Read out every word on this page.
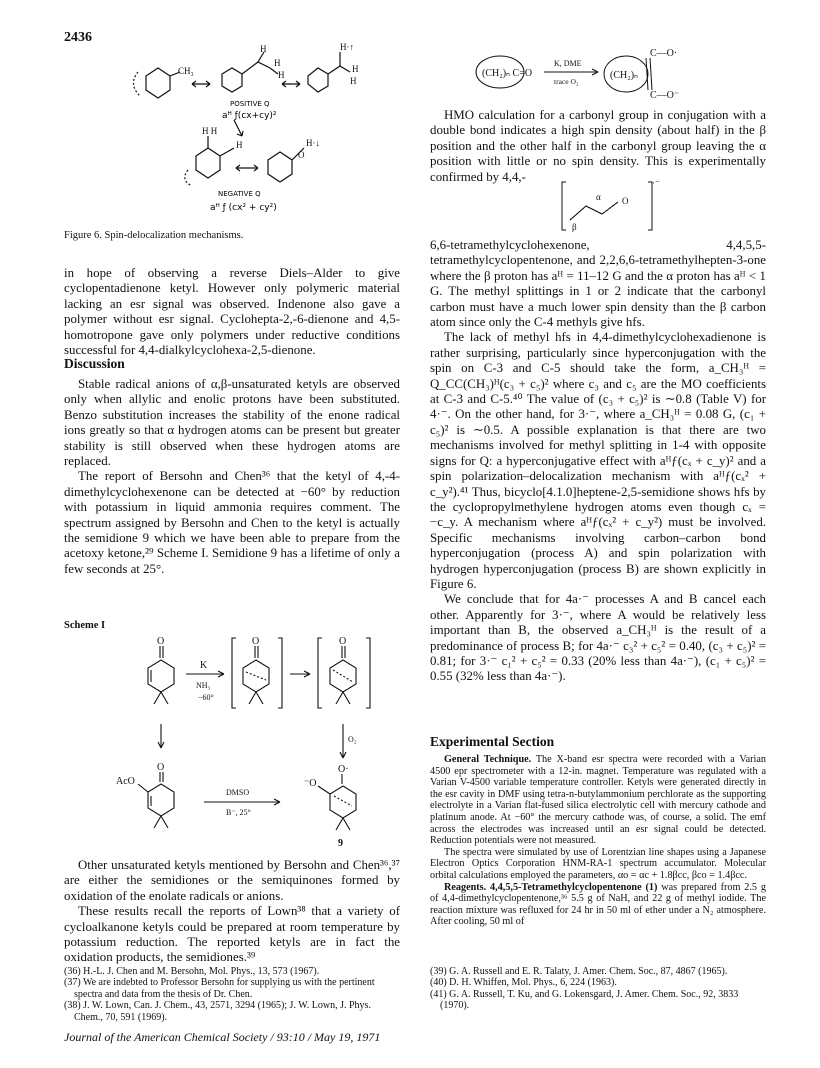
2436
CH₃
H
H
H
H·↑
H
H
H H
H	H·↓
O
POSITIVE Q
aᴴ ƒ(cx+cy)²
NEGATIVE Q
aᴴ ƒ (cx² + cy²)
Figure 6. Spin-delocalization mechanisms.

in hope of observing a reverse Diels–Alder to give cyclopentadienone ketyl. However only polymeric material lacking an esr signal was observed. Indenone also gave a polymer without esr signal. Cyclohepta-2,-6-dienone and 4,5-homotropone gave only polymers under reductive conditions successful for 4,4-dialkylcyclohexa-2,5-dienone.

Discussion

Stable radical anions of α,β-unsaturated ketyls are observed only when allylic and enolic protons have been substituted. Benzo substitution increases the stability of the enone radical ions greatly so that α hydrogen atoms can be present but greater stability is still observed when these hydrogen atoms are replaced.

The report of Bersohn and Chen³⁶ that the ketyl of 4,-4-dimethylcyclohexenone can be detected at −60° by reduction with potassium in liquid ammonia requires comment. The spectrum assigned by Bersohn and Chen to the ketyl is actually the semidione 9 which we have been able to prepare from the acetoxy ketone,²⁹ Scheme I. Semidione 9 has a lifetime of only a few seconds at 25°.

Scheme I
O
K
NH₃
−60°
O	O
O₂
O
AcO
DMSO
B⁻, 25°
O·
⁻O
9

Other unsaturated ketyls mentioned by Bersohn and Chen³⁶,³⁷ are either the semidiones or the semiquinones formed by oxidation of the enolate radicals or anions.

These results recall the reports of Lown³⁸ that a variety of cycloalkanone ketyls could be prepared at room temperature by potassium reduction. The reported ketyls are in fact the oxidation products, the semidiones.³⁹

(CH₂)ₙ C=O
K, DME
trace O₂
(CH₂)ₙ
C—O·
C—O⁻

HMO calculation for a carbonyl group in conjugation with a double bond indicates a high spin density (about half) in the β position and the other half in the carbonyl group leaving the α position with little or no spin density. This is experimentally confirmed by 4,4,-

α
β
O
·⁻

6,6-tetramethylcyclohexenone, 4,4,5,5-tetramethylcyclopentenone, and 2,2,6,6-tetramethylhepten-3-one where the β proton has aᴴ = 11–12 G and the α proton has aᴴ < 1 G. The methyl splittings in 1 or 2 indicate that the carbonyl carbon must have a much lower spin density than the β carbon atom since only the C-4 methyls give hfs.

The lack of methyl hfs in 4,4-dimethylcyclohexadienone is rather surprising, particularly since hyperconjugation with the spin on C-3 and C-5 should take the form, a_CH₃ᴴ = Q_CC(CH₃)ᴴ(c₃ + c₅)² where c₃ and c₅ are the MO coefficients at C-3 and C-5.⁴⁰ The value of (c₃ + c₅)² is ∼0.8 (Table V) for 4·⁻. On the other hand, for 3·⁻, where a_CH₃ᴴ = 0.08 G, (c₁ + c₅)² is ∼0.5. A possible explanation is that there are two mechanisms involved for methyl splitting in 1-4 with opposite signs for Q: a hyperconjugative effect with aᴴƒ(cₓ + c_y)² and a spin polarization–delocalization mechanism with aᴴƒ(cₓ² + c_y²).⁴¹ Thus, bicyclo[4.1.0]heptene-2,5-semidione shows hfs by the cyclopropylmethylene hydrogen atoms even though cₓ = −c_y. A mechanism where aᴴƒ(cₓ² + c_y²) must be involved. Specific mechanisms involving carbon–carbon bond hyperconjugation (process A) and spin polarization with hydrogen hyperconjugation (process B) are shown explicitly in Figure 6.

We conclude that for 4a·⁻ processes A and B cancel each other. Apparently for 3·⁻, where A would be relatively less important than B, the observed a_CH₃ᴴ is the result of a predominance of process B; for 4a·⁻ c₃² + c₅² = 0.40, (c₃ + c₅)² = 0.81; for 3·⁻ c₁² + c₅² = 0.33 (20% less than 4a·⁻), (c₁ + c₅)² = 0.55 (32% less than 4a·⁻).

Experimental Section

General Technique. The X-band esr spectra were recorded with a Varian 4500 epr spectrometer with a 12-in. magnet. Temperature was regulated with a Varian V-4500 variable temperature controller. Ketyls were generated directly in the esr cavity in DMF using tetra-n-butylammonium perchlorate as the supporting electrolyte in a Varian flat-fused silica electrolytic cell with mercury cathode and platinum anode. At −60° the mercury cathode was, of course, a solid. The emf across the electrodes was increased until an esr signal could be detected. Reduction potentials were not measured.

The spectra were simulated by use of Lorentzian line shapes using a Japanese Electron Optics Corporation HNM-RA-1 spectrum accumulator. Molecular orbital calculations employed the parameters, αo = αc + 1.8βcc, βco = 1.4βcc.

Reagents. 4,4,5,5-Tetramethylcyclopentenone (1) was prepared from 2.5 g of 4,4-dimethylcyclopentenone,³⁶ 5.5 g of NaH, and 22 g of methyl iodide. The reaction mixture was refluxed for 24 hr in 50 ml of ether under a N₂ atmosphere. After cooling, 50 ml of

(36) H.-L. J. Chen and M. Bersohn, Mol. Phys., 13, 573 (1967).

(37) We are indebted to Professor Bersohn for supplying us with the pertinent spectra and data from the thesis of Dr. Chen.

(38) J. W. Lown, Can. J. Chem., 43, 2571, 3294 (1965); J. W. Lown, J. Phys. Chem., 70, 591 (1969).

(39) G. A. Russell and E. R. Talaty, J. Amer. Chem. Soc., 87, 4867 (1965).

(40) D. H. Whiffen, Mol. Phys., 6, 224 (1963).

(41) G. A. Russell, T. Ku, and G. Lokensgard, J. Amer. Chem. Soc., 92, 3833 (1970).

Journal of the American Chemical Society / 93:10 / May 19, 1971
